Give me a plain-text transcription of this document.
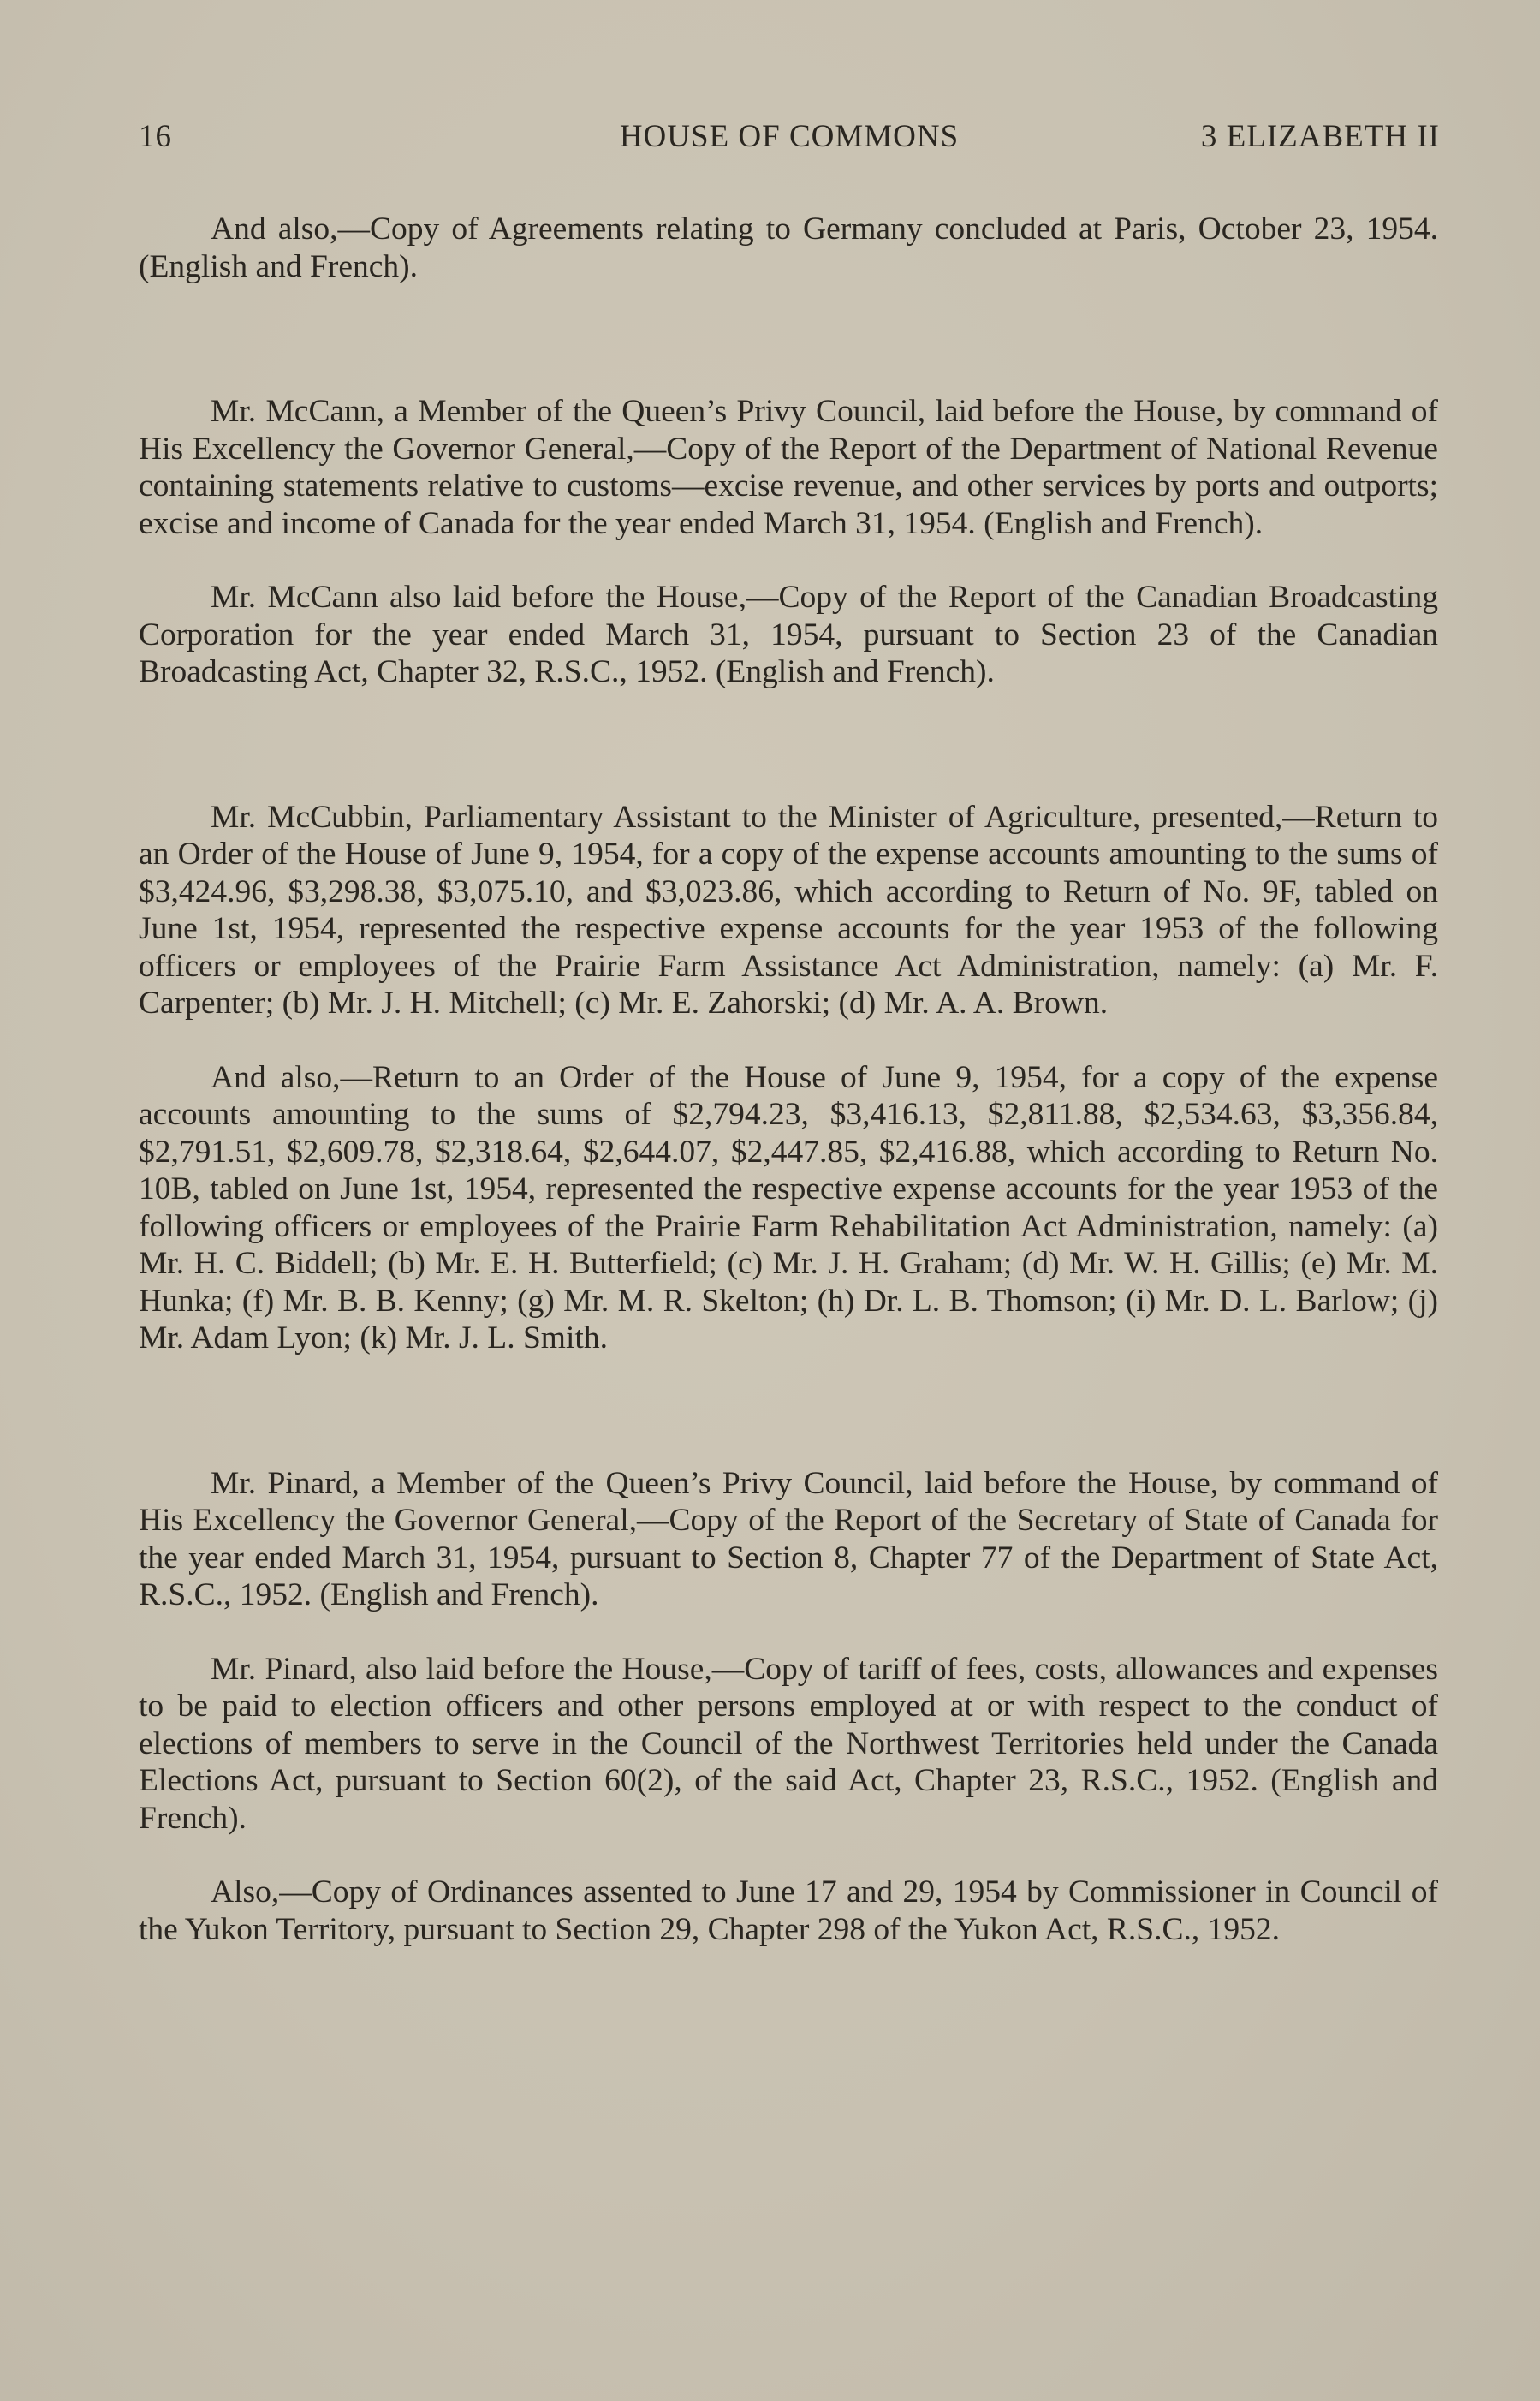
16	HOUSE OF COMMONS	3 ELIZABETH II

And also,—Copy of Agreements relating to Germany concluded at Paris, October 23, 1954. (English and French).

Mr. McCann, a Member of the Queen’s Privy Council, laid before the House, by command of His Excellency the Governor General,—Copy of the Report of the Department of National Revenue containing statements relative to customs—excise revenue, and other services by ports and outports; excise and income of Canada for the year ended March 31, 1954. (English and French).

Mr. McCann also laid before the House,—Copy of the Report of the Canadian Broadcasting Corporation for the year ended March 31, 1954, pursuant to Section 23 of the Canadian Broadcasting Act, Chapter 32, R.S.C., 1952. (English and French).

Mr. McCubbin, Parliamentary Assistant to the Minister of Agriculture, presented,—Return to an Order of the House of June 9, 1954, for a copy of the expense accounts amounting to the sums of $3,424.96, $3,298.38, $3,075.10, and $3,023.86, which according to Return of No. 9F, tabled on June 1st, 1954, represented the respective expense accounts for the year 1953 of the following officers or employees of the Prairie Farm Assistance Act Administration, namely: (a) Mr. F. Carpenter; (b) Mr. J. H. Mitchell; (c) Mr. E. Zahorski; (d) Mr. A. A. Brown.

And also,—Return to an Order of the House of June 9, 1954, for a copy of the expense accounts amounting to the sums of $2,794.23, $3,416.13, $2,811.88, $2,534.63, $3,356.84, $2,791.51, $2,609.78, $2,318.64, $2,644.07, $2,447.85, $2,416.88, which according to Return No. 10B, tabled on June 1st, 1954, represented the respective expense accounts for the year 1953 of the following officers or employees of the Prairie Farm Rehabilitation Act Administration, namely: (a) Mr. H. C. Biddell; (b) Mr. E. H. Butterfield; (c) Mr. J. H. Graham; (d) Mr. W. H. Gillis; (e) Mr. M. Hunka; (f) Mr. B. B. Kenny; (g) Mr. M. R. Skelton; (h) Dr. L. B. Thomson; (i) Mr. D. L. Barlow; (j) Mr. Adam Lyon; (k) Mr. J. L. Smith.

Mr. Pinard, a Member of the Queen’s Privy Council, laid before the House, by command of His Excellency the Governor General,—Copy of the Report of the Secretary of State of Canada for the year ended March 31, 1954, pursuant to Section 8, Chapter 77 of the Department of State Act, R.S.C., 1952. (English and French).

Mr. Pinard, also laid before the House,—Copy of tariff of fees, costs, allowances and expenses to be paid to election officers and other persons employed at or with respect to the conduct of elections of members to serve in the Council of the Northwest Territories held under the Canada Elections Act, pursuant to Section 60(2), of the said Act, Chapter 23, R.S.C., 1952. (English and French).

Also,—Copy of Ordinances assented to June 17 and 29, 1954 by Commissioner in Council of the Yukon Territory, pursuant to Section 29, Chapter 298 of the Yukon Act, R.S.C., 1952.
